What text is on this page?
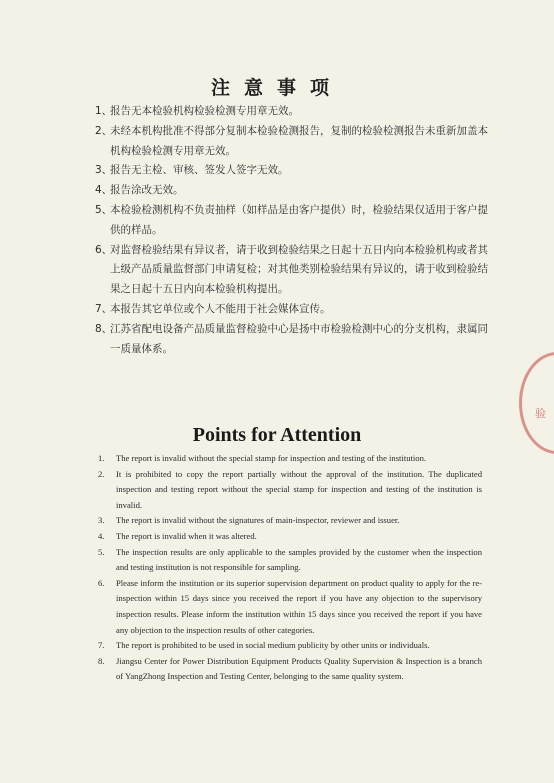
注意事项
1、
报告无本检验机构检验检测专用章无效。
2、
未经本机构批准不得部分复制本检验检测报告，复制的检验检测报告未重新加盖本机构检验检测专用章无效。
3、
报告无主检、审核、签发人签字无效。
4、
报告涂改无效。
5、
本检验检测机构不负责抽样（如样品是由客户提供）时，检验结果仅适用于客户提供的样品。
6、
对监督检验结果有异议者，请于收到检验结果之日起十五日内向本检验机构或者其上级产品质量监督部门申请复检；对其他类别检验结果有异议的，请于收到检验结果之日起十五日内向本检验机构提出。
7、
本报告其它单位或个人不能用于社会媒体宣传。
8、
江苏省配电设备产品质量监督检验中心是扬中市检验检测中心的分支机构，隶属同一质量体系。
Points for Attention
1.	The report is invalid without the special stamp for inspection and testing of the institution.
2.	It is prohibited to copy the report partially without the approval of the institution. The duplicated inspection and testing report without the special stamp for inspection and testing of the institution is invalid.
3.	The report is invalid without the signatures of main-inspector, reviewer and issuer.
4.	The report is invalid when it was altered.
5.	The inspection results are only applicable to the samples provided by the customer when the inspection and testing institution is not responsible for sampling.
6.	Please inform the institution or its superior supervision department on product quality to apply for the re-inspection within 15 days since you received the report if you have any objection to the supervisory inspection results. Please inform the institution within 15 days since you received the report if you have any objection to the inspection results of other categories.
7.	The report is prohibited to be used in social medium publicity by other units or individuals.
8.	Jiangsu Center for Power Distribution Equipment Products Quality Supervision & Inspection is a branch of YangZhong Inspection and Testing Center, belonging to the same quality system.
验
